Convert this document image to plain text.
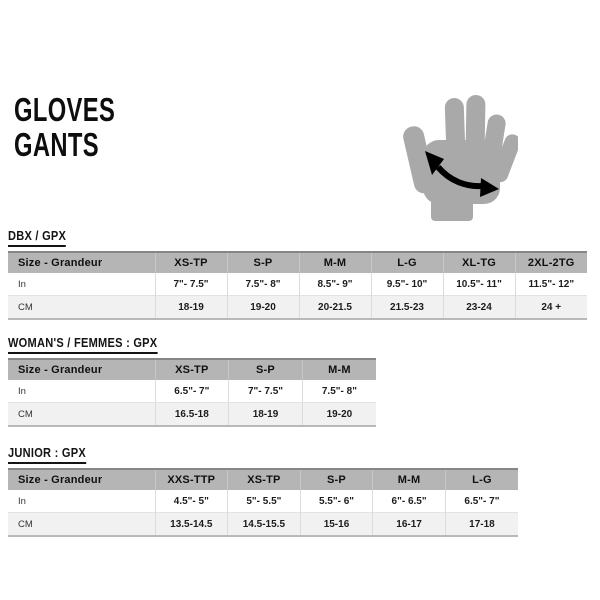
GLOVES
GANTS
DBX / GPX
Size - Grandeur	XS-TP	S-P	M-M	L-G	XL-TG	2XL-2TG
In	7"- 7.5"	7.5"- 8"	8.5"- 9"	9.5"- 10"	10.5"- 11"	11.5"- 12"
CM	18-19	19-20	20-21.5	21.5-23	23-24	24 +
WOMAN'S / FEMMES : GPX
Size - Grandeur	XS-TP	S-P	M-M
In	6.5"- 7"	7"- 7.5"	7.5"- 8"
CM	16.5-18	18-19	19-20
JUNIOR : GPX
Size - Grandeur	XXS-TTP	XS-TP	S-P	M-M	L-G
In	4.5"- 5"	5"- 5.5"	5.5"- 6"	6"- 6.5"	6.5"- 7"
CM	13.5-14.5	14.5-15.5	15-16	16-17	17-18
